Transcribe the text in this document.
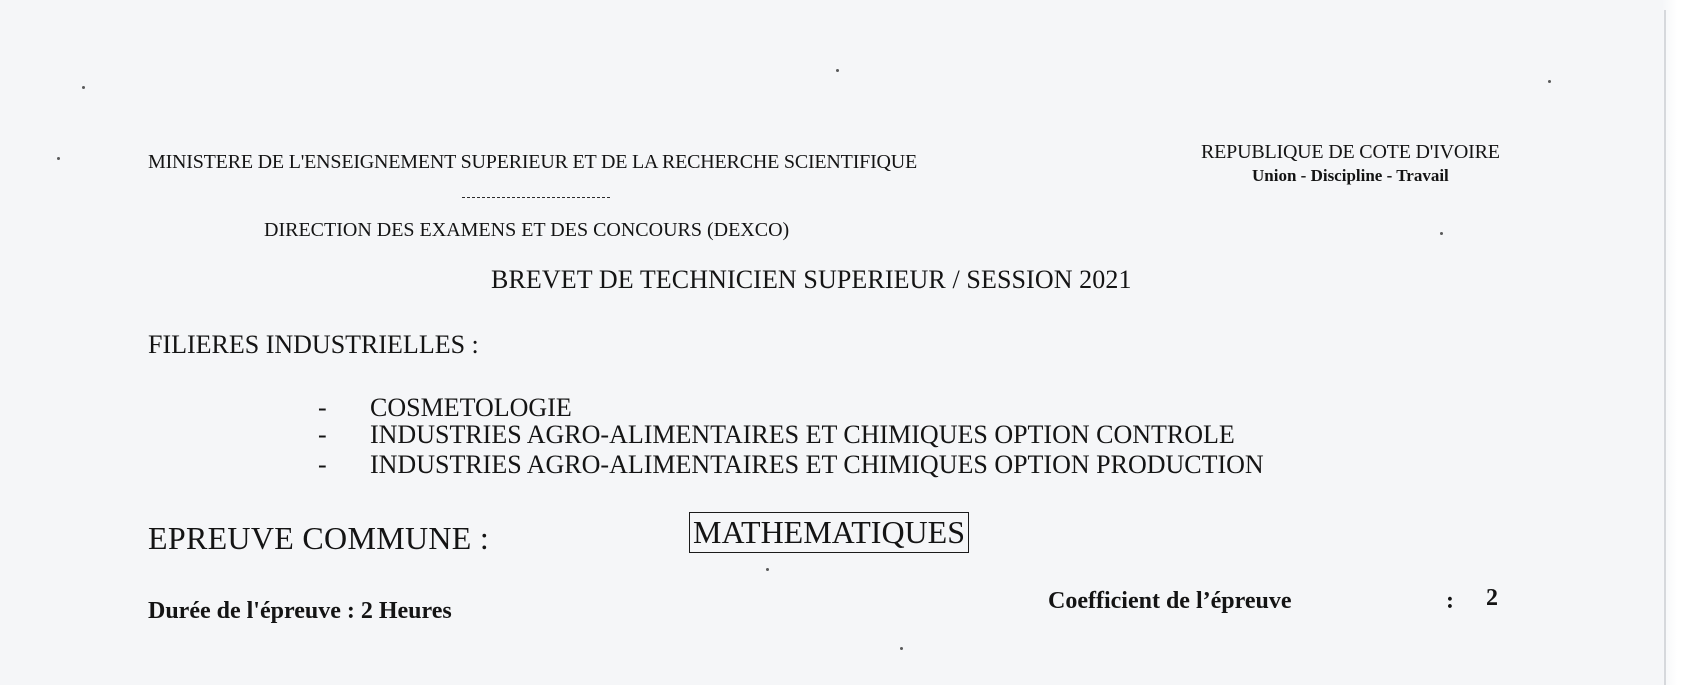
MINISTERE DE L'ENSEIGNEMENT SUPERIEUR ET DE LA RECHERCHE SCIENTIFIQUE	REPUBLIQUE DE COTE D'IVOIRE
Union - Discipline - Travail
DIRECTION DES EXAMENS ET DES CONCOURS (DEXCO)
BREVET DE TECHNICIEN SUPERIEUR / SESSION 2021
FILIERES INDUSTRIELLES :
- COSMETOLOGIE
- INDUSTRIES AGRO-ALIMENTAIRES ET CHIMIQUES OPTION CONTROLE
- INDUSTRIES AGRO-ALIMENTAIRES ET CHIMIQUES OPTION PRODUCTION
EPREUVE COMMUNE :	MATHEMATIQUES
Durée de l'épreuve : 2 Heures	Coefficient de l’épreuve	: 2
